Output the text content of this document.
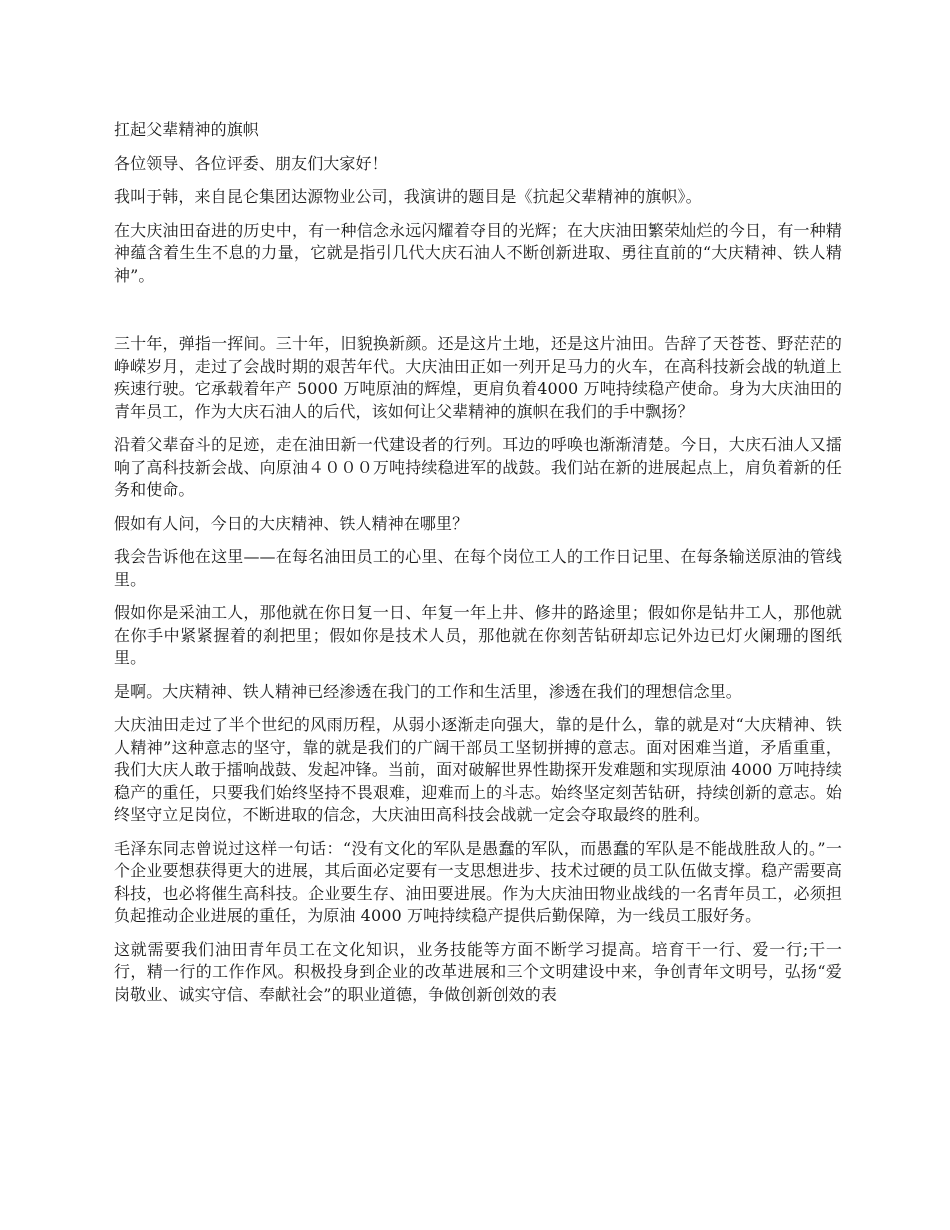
扛起父辈精神的旗帜

各位领导、各位评委、朋友们大家好！

我叫于韩，来自昆仑集团达源物业公司，我演讲的题目是《抗起父辈精神的旗帜》。

在大庆油田奋进的历史中，有一种信念永远闪耀着夺目的光辉；在大庆油田繁荣灿烂的今日，有一种精神蕴含着生生不息的力量，它就是指引几代大庆石油人不断创新进取、勇往直前的“大庆精神、铁人精神”。

三十年，弹指一挥间。三十年，旧貌换新颜。还是这片土地，还是这片油田。告辞了天苍苍、野茫茫的峥嵘岁月，走过了会战时期的艰苦年代。大庆油田正如一列开足马力的火车，在高科技新会战的轨道上疾速行驶。它承载着年产 5000 万吨原油的辉煌，更肩负着4000 万吨持续稳产使命。身为大庆油田的青年员工，作为大庆石油人的后代，该如何让父辈精神的旗帜在我们的手中飘扬？

沿着父辈奋斗的足迹，走在油田新一代建设者的行列。耳边的呼唤也渐渐清楚。今日，大庆石油人又擂响了高科技新会战、向原油４０００万吨持续稳进军的战鼓。我们站在新的进展起点上，肩负着新的任务和使命。

假如有人问，今日的大庆精神、铁人精神在哪里？

我会告诉他在这里——在每名油田员工的心里、在每个岗位工人的工作日记里、在每条输送原油的管线里。

假如你是采油工人，那他就在你日复一日、年复一年上井、修井的路途里；假如你是钻井工人，那他就在你手中紧紧握着的刹把里；假如你是技术人员，那他就在你刻苦钻研却忘记外边已灯火阑珊的图纸里。

是啊。大庆精神、铁人精神已经渗透在我门的工作和生活里，渗透在我们的理想信念里。

大庆油田走过了半个世纪的风雨历程，从弱小逐渐走向强大，靠的是什么，靠的就是对“大庆精神、铁人精神”这种意志的坚守，靠的就是我们的广阔干部员工坚韧拼搏的意志。面对困难当道，矛盾重重，我们大庆人敢于擂响战鼓、发起冲锋。当前，面对破解世界性勘探开发难题和实现原油 4000 万吨持续稳产的重任，只要我们始终坚持不畏艰难，迎难而上的斗志。始终坚定刻苦钻研，持续创新的意志。始终坚守立足岗位，不断进取的信念，大庆油田高科技会战就一定会夺取最终的胜利。

毛泽东同志曾说过这样一句话：“没有文化的军队是愚蠢的军队，而愚蠢的军队是不能战胜敌人的。”一个企业要想获得更大的进展，其后面必定要有一支思想进步、技术过硬的员工队伍做支撑。稳产需要高科技，也必将催生高科技。企业要生存、油田要进展。作为大庆油田物业战线的一名青年员工，必须担负起推动企业进展的重任，为原油 4000 万吨持续稳产提供后勤保障，为一线员工服好务。

这就需要我们油田青年员工在文化知识，业务技能等方面不断学习提高。培育干一行、爱一行;干一行，精一行的工作作风。积极投身到企业的改革进展和三个文明建设中来，争创青年文明号，弘扬“爱岗敬业、诚实守信、奉献社会”的职业道德，争做创新创效的表
